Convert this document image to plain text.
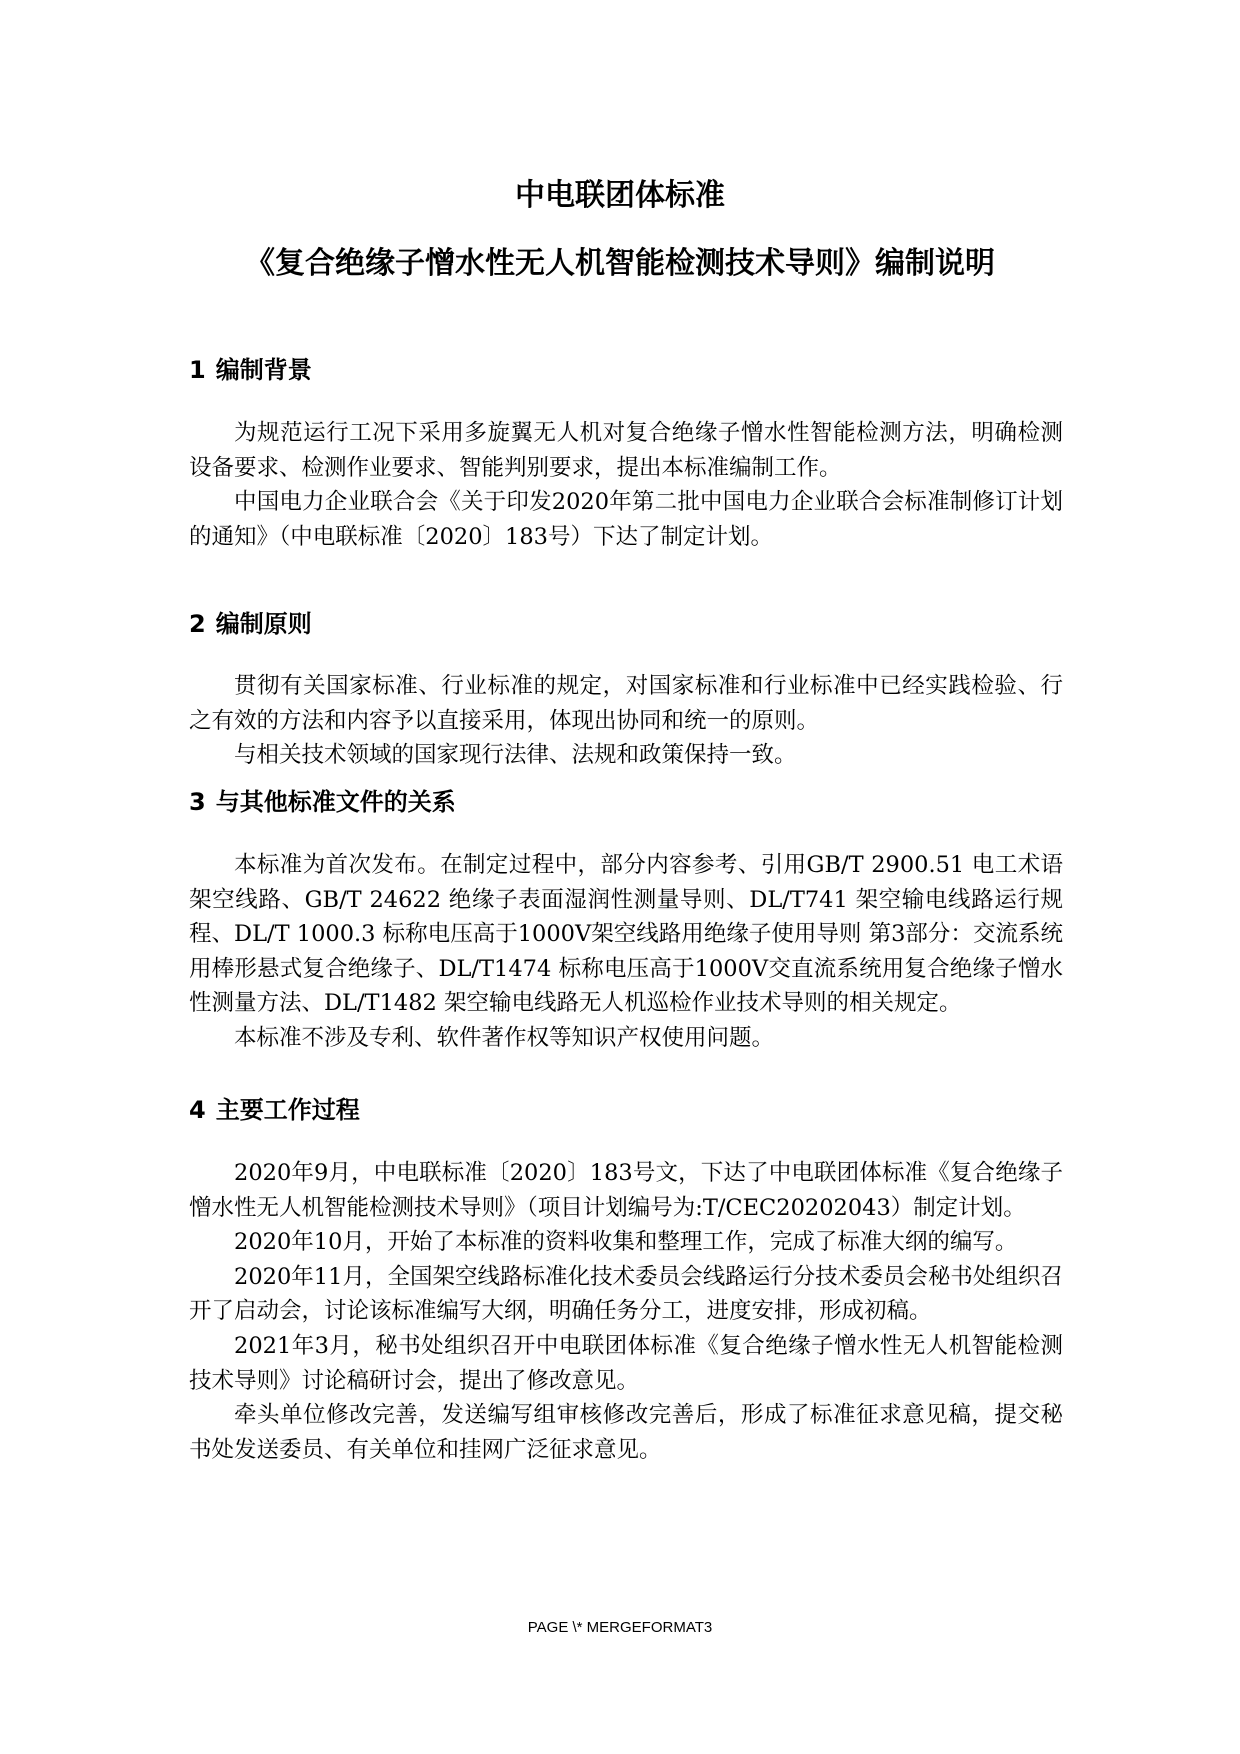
中电联团体标准
《复合绝缘子憎水性无人机智能检测技术导则》编制说明
1 编制背景

为规范运行工况下采用多旋翼无人机对复合绝缘子憎水性智能检测方法，明确检测设备要求、检测作业要求、智能判别要求，提出本标准编制工作。

中国电力企业联合会《关于印发2020年第二批中国电力企业联合会标准制修订计划的通知》（中电联标准〔2020〕183号）下达了制定计划。

2 编制原则

贯彻有关国家标准、行业标准的规定，对国家标准和行业标准中已经实践检验、行之有效的方法和内容予以直接采用，体现出协同和统一的原则。

与相关技术领域的国家现行法律、法规和政策保持一致。

3 与其他标准文件的关系

本标准为首次发布。在制定过程中，部分内容参考、引用GB/T 2900.51 电工术语　架空线路、GB/T 24622 绝缘子表面湿润性测量导则、DL/T741 架空输电线路运行规程、DL/T 1000.3 标称电压高于1000V架空线路用绝缘子使用导则 第3部分：交流系统用棒形悬式复合绝缘子、DL/T1474 标称电压高于1000V交直流系统用复合绝缘子憎水性测量方法、DL/T1482 架空输电线路无人机巡检作业技术导则的相关规定。

本标准不涉及专利、软件著作权等知识产权使用问题。

4 主要工作过程

2020年9月，中电联标准〔2020〕183号文，下达了中电联团体标准《复合绝缘子憎水性无人机智能检测技术导则》（项目计划编号为:T/CEC20202043）制定计划。

2020年10月，开始了本标准的资料收集和整理工作，完成了标准大纲的编写。

2020年11月，全国架空线路标准化技术委员会线路运行分技术委员会秘书处组织召开了启动会，讨论该标准编写大纲，明确任务分工，进度安排，形成初稿。

2021年3月，秘书处组织召开中电联团体标准《复合绝缘子憎水性无人机智能检测技术导则》讨论稿研讨会，提出了修改意见。

牵头单位修改完善，发送编写组审核修改完善后，形成了标准征求意见稿，提交秘书处发送委员、有关单位和挂网广泛征求意见。

PAGE \* MERGEFORMAT3
